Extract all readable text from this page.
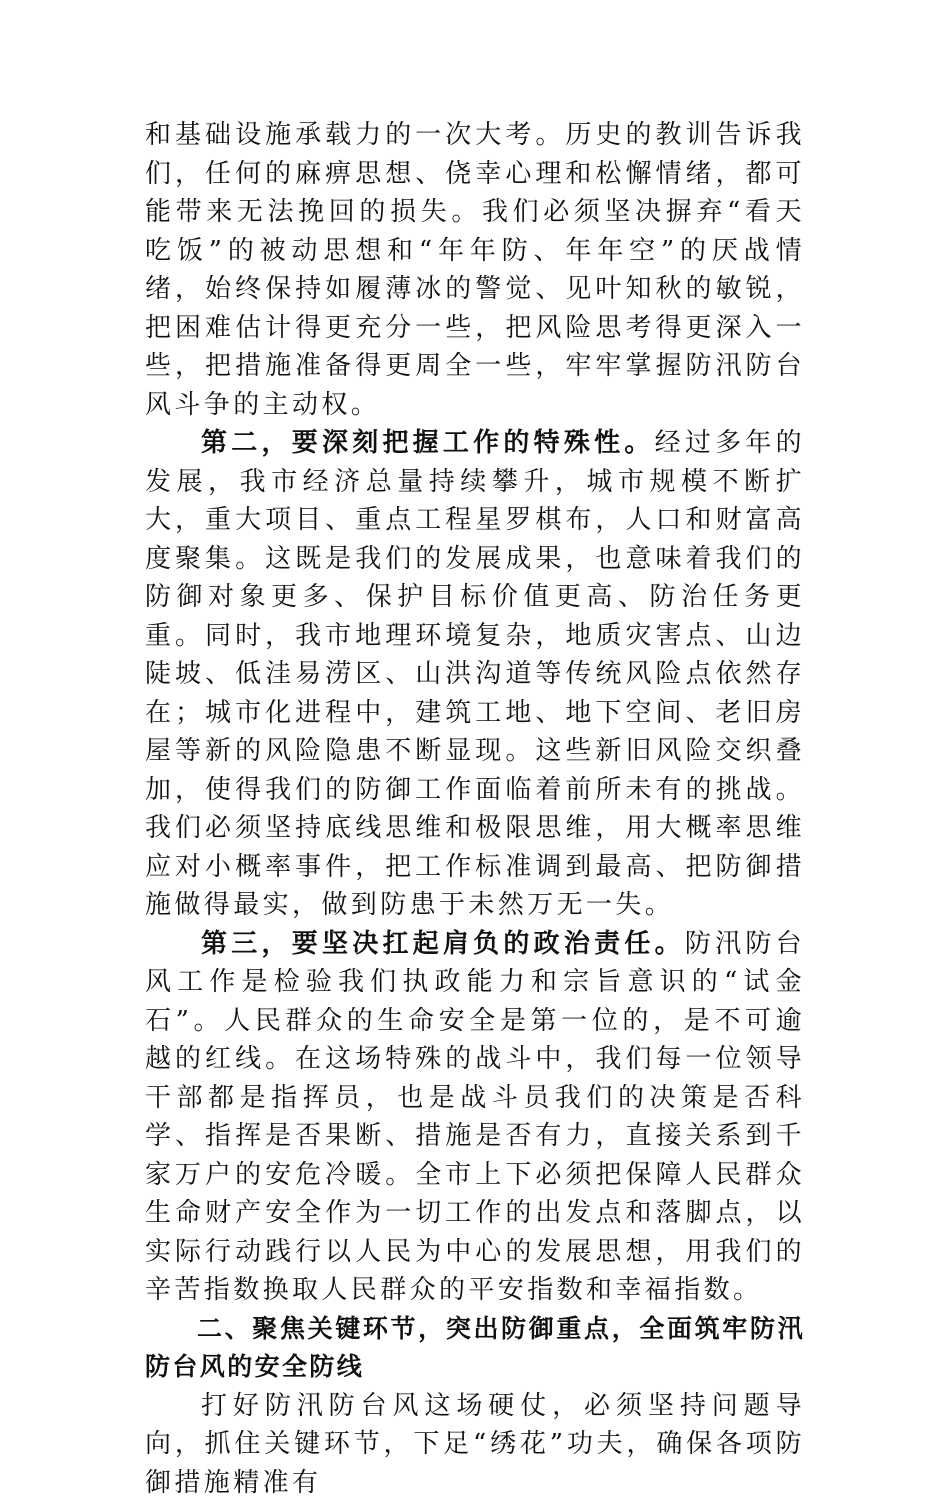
和基础设施承载力的一次大考。历史的教训告诉我们，任何的麻痹思想、侥幸心理和松懈情绪，都可能带来无法挽回的损失。我们必须坚决摒弃“看天吃饭”的被动思想和“年年防、年年空”的厌战情绪，始终保持如履薄冰的警觉、见叶知秋的敏锐，把困难估计得更充分一些，把风险思考得更深入一些，把措施准备得更周全一些，牢牢掌握防汛防台风斗争的主动权。

第二，要深刻把握工作的特殊性。经过多年的发展，我市经济总量持续攀升，城市规模不断扩大，重大项目、重点工程星罗棋布，人口和财富高度聚集。这既是我们的发展成果，也意味着我们的防御对象更多、保护目标价值更高、防治任务更重。同时，我市地理环境复杂，地质灾害点、山边陡坡、低洼易涝区、山洪沟道等传统风险点依然存在；城市化进程中，建筑工地、地下空间、老旧房屋等新的风险隐患不断显现。这些新旧风险交织叠加，使得我们的防御工作面临着前所未有的挑战。我们必须坚持底线思维和极限思维，用大概率思维应对小概率事件，把工作标准调到最高、把防御措施做得最实，做到防患于未然万无一失。

第三，要坚决扛起肩负的政治责任。防汛防台风工作是检验我们执政能力和宗旨意识的“试金石”。人民群众的生命安全是第一位的，是不可逾越的红线。在这场特殊的战斗中，我们每一位领导干部都是指挥员，也是战斗员我们的决策是否科学、指挥是否果断、措施是否有力，直接关系到千家万户的安危冷暖。全市上下必须把保障人民群众生命财产安全作为一切工作的出发点和落脚点，以实际行动践行以人民为中心的发展思想，用我们的辛苦指数换取人民群众的平安指数和幸福指数。

二、聚焦关键环节，突出防御重点，全面筑牢防汛防台风的安全防线

打好防汛防台风这场硬仗，必须坚持问题导向，抓住关键环节，下足“绣花”功夫，确保各项防御措施精准有
